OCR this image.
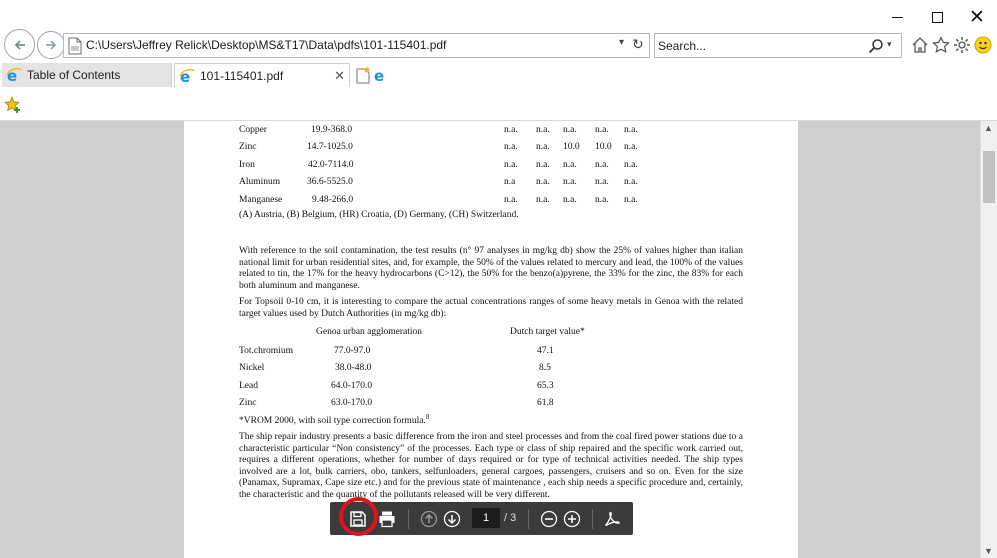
✕
C:\Users\Jeffrey Relick\Desktop\MS&T17\Data\pdfs\101-115401.pdf	▾ ↻
Search...	▾
e Table of Contents	e 101-115401.pdf	✕ e
Copper	19.9-368.0	n.a. n.a. n.a. n.a. n.a.
Zinc	14.7-1025.0	n.a. n.a. 10.0 10.0 n.a.
Iron	42.0-7114.0	n.a. n.a. n.a. n.a. n.a.
Aluminum	36.6-5525.0	n.a n.a. n.a. n.a. n.a.
Manganese	9.48-266.0	n.a. n.a. n.a. n.a. n.a.
(A) Austria, (B) Belgium, (HR) Croatia, (D) Germany, (CH) Switzerland.

With reference to the soil contamination, the test results (n° 97 analyses in mg/kg db) show the 25% of values higher than italian national limit for urban residential sites, and, for example, the 50% of the values related to mercury and lead, the 100% of the values related to tin, the 17% for the heavy hydrocarbons (C>12), the 50% for the benzo(a)pyrene, the 33% for the zinc, the 83% for each both aluminum and manganese.

For Topsoil 0-10 cm, it is interesting to compare the actual concentrations ranges of some heavy metals in Genoa with the related target values used by Dutch Authorities (in mg/kg db):

Genoa urban agglomeration	Dutch target value*
Tot.chromium	77.0-97.0	47.1
Nickel	38.0-48.0	8.5
Lead	64.0-170.0	65.3
Zinc	63.0-170.0	61.8
*VROM 2000, with soil type correction formula.$^8$

The ship repair industry presents a basic difference from the iron and steel processes and from the coal fired power stations due to a characteristic particular “Non consistency” of the processes. Each type or class of ship repaired and the specific work carried out, requires a different operations, whether for number of days required or for type of technical activities needed. The ship types involved are a lot, bulk carriers, obo, tankers, selfunloaders, general cargoes, passengers, cruisers and so on. Even for the size (Panamax, Supramax, Cape size etc.) and for the previous state of maintenance , each ship needs a specific procedure and, certainly, the characteristic and the quantity of the pollutants released will be very different.

▲
▼
1
/ 3
